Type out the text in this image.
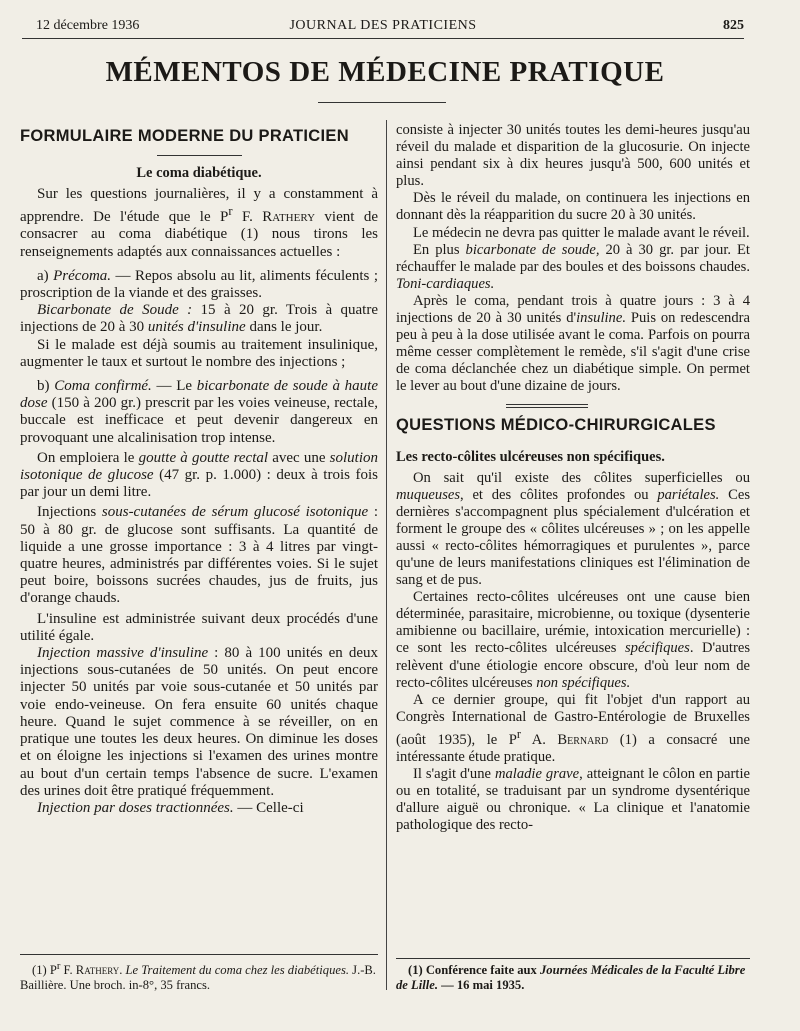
12 décembre 1936	JOURNAL DES PRATICIENS	825
MÉMENTOS DE MÉDECINE PRATIQUE
FORMULAIRE MODERNE DU PRATICIEN
Le coma diabétique.

Sur les questions journalières, il y a constamment à apprendre. De l'étude que le $P^r$ F. Rathery vient de consacrer au coma diabétique (1) nous tirons les renseignements adaptés aux connaissances actuelles :

a) Précoma. — Repos absolu au lit, aliments féculents ; proscription de la viande et des graisses.

Bicarbonate de Soude : 15 à 20 gr. Trois à quatre injections de 20 à 30 unités d'insuline dans le jour.

Si le malade est déjà soumis au traitement insulinique, augmenter le taux et surtout le nombre des injections ;

b) Coma confirmé. — Le bicarbonate de soude à haute dose (150 à 200 gr.) prescrit par les voies veineuse, rectale, buccale est inefficace et peut devenir dangereux en provoquant une alcalinisation trop intense.

On emploiera le goutte à goutte rectal avec une solution isotonique de glucose (47 gr. p. 1.000) : deux à trois fois par jour un demi litre.

Injections sous-cutanées de sérum glucosé isotonique : 50 à 80 gr. de glucose sont suffisants. La quantité de liquide a une grosse importance : 3 à 4 litres par vingt-quatre heures, administrés par différentes voies. Si le sujet peut boire, boissons sucrées chaudes, jus de fruits, jus d'orange chauds.

L'insuline est administrée suivant deux procédés d'une utilité égale.

Injection massive d'insuline : 80 à 100 unités en deux injections sous-cutanées de 50 unités. On peut encore injecter 50 unités par voie sous-cutanée et 50 unités par voie endo-veineuse. On fera ensuite 60 unités chaque heure. Quand le sujet commence à se réveiller, on en pratique une toutes les deux heures. On diminue les doses et on éloigne les injections si l'examen des urines montre au bout d'un certain temps l'absence de sucre. L'examen des urines doit être pratiqué fréquemment.

Injection par doses tractionnées. — Celle-ci

(1) $P^r$ F. Rathery. Le Traitement du coma chez les diabétiques. J.-B. Baillière. Une broch. in-8°, 35 francs.

consiste à injecter 30 unités toutes les demi-heures jusqu'au réveil du malade et disparition de la glucosurie. On injecte ainsi pendant six à dix heures jusqu'à 500, 600 unités et plus.

Dès le réveil du malade, on continuera les injections en donnant dès la réapparition du sucre 20 à 30 unités.

Le médecin ne devra pas quitter le malade avant le réveil.

En plus bicarbonate de soude, 20 à 30 gr. par jour. Et réchauffer le malade par des boules et des boissons chaudes. Toni-cardiaques.

Après le coma, pendant trois à quatre jours : 3 à 4 injections de 20 à 30 unités d'insuline. Puis on redescendra peu à peu à la dose utilisée avant le coma. Parfois on pourra même cesser complètement le remède, s'il s'agit d'une crise de coma déclanchée chez un diabétique simple. On permet le lever au bout d'une dizaine de jours.

QUESTIONS MÉDICO-CHIRURGICALES
Les recto-côlites ulcéreuses non spécifiques.

On sait qu'il existe des côlites superficielles ou muqueuses, et des côlites profondes ou pariétales. Ces dernières s'accompagnent plus spécialement d'ulcération et forment le groupe des « côlites ulcéreuses » ; on les appelle aussi « recto-côlites hémorragiques et purulentes », parce qu'une de leurs manifestations cliniques est l'élimination de sang et de pus.

Certaines recto-côlites ulcéreuses ont une cause bien déterminée, parasitaire, microbienne, ou toxique (dysenterie amibienne ou bacillaire, urémie, intoxication mercurielle) : ce sont les recto-côlites ulcéreuses spécifiques. D'autres relèvent d'une étiologie encore obscure, d'où leur nom de recto-côlites ulcéreuses non spécifiques.

A ce dernier groupe, qui fit l'objet d'un rapport au Congrès International de Gastro-Entérologie de Bruxelles (août 1935), le $P^r$ A. Bernard (1) a consacré une intéressante étude pratique.

Il s'agit d'une maladie grave, atteignant le côlon en partie ou en totalité, se traduisant par un syndrome dysentérique d'allure aiguë ou chronique. « La clinique et l'anatomie pathologique des recto-

(1) Conférence faite aux Journées Médicales de la Faculté Libre de Lille. — 16 mai 1935.
